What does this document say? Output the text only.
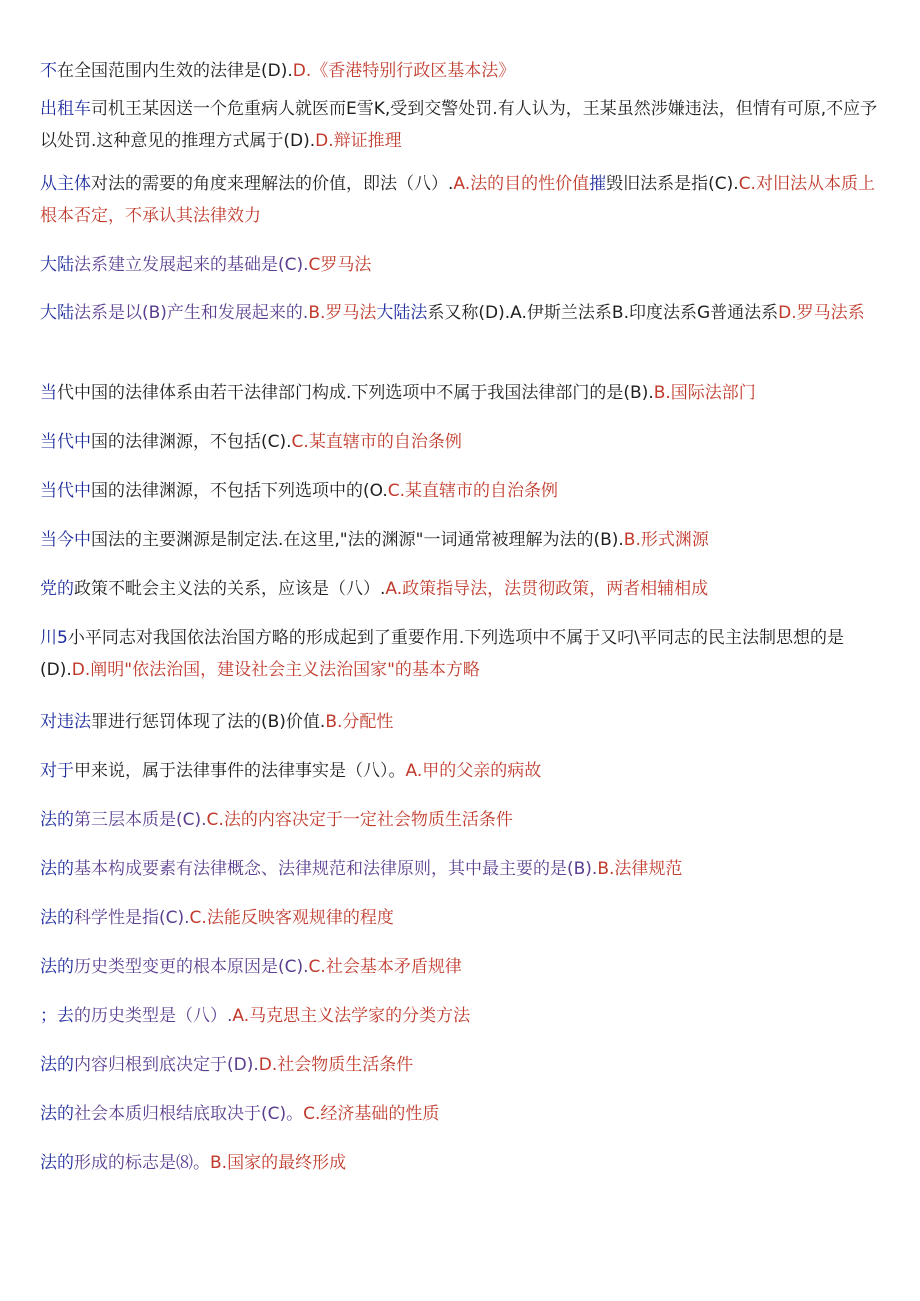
不在全国范围内生效的法律是(D).D.《香港特别行政区基本法》
出租车司机王某因送一个危重病人就医而E雪K,受到交警处罚.有人认为，王某虽然涉嫌违法，但情有可原,不应予以处罚.这种意见的推理方式属于(D).D.辩证推理
从主体对法的需要的角度来理解法的价值，即法（八）.A.法的目的性价值摧毁旧法系是指(C).C.对旧法从本质上根本否定，不承认其法律效力
大陆法系建立发展起来的基础是(C).C罗马法
大陆法系是以(B)产生和发展起来的.B.罗马法大陆法系又称(D).A.伊斯兰法系B.印度法系G普通法系D.罗马法系
当代中国的法律体系由若干法律部门构成.下列选项中不属于我国法律部门的是(B).B.国际法部门
当代中国的法律渊源，不包括(C).C.某直辖市的自治条例
当代中国的法律渊源，不包括下列选项中的(O.C.某直辖市的自治条例
当今中国法的主要渊源是制定法.在这里,"法的渊源"一词通常被理解为法的(B).B.形式渊源
党的政策不毗会主义法的关系，应该是（八）.A.政策指导法，法贯彻政策，两者相辅相成
川5小平同志对我国依法治国方略的形成起到了重要作用.下列选项中不属于又叼\平同志的民主法制思想的是(D).D.阐明"依法治国，建设社会主义法治国家"的基本方略
对违法罪进行惩罚体现了法的(B)价值.B.分配性
对于甲来说，属于法律事件的法律事实是（八）。A.甲的父亲的病故
法的第三层本质是(C).C.法的内容决定于一定社会物质生活条件
法的基本构成要素有法律概念、法律规范和法律原则，其中最主要的是(B).B.法律规范
法的科学性是指(C).C.法能反映客观规律的程度
法的历史类型变更的根本原因是(C).C.社会基本矛盾规律
；去的历史类型是（八）.A.马克思主义法学家的分类方法
法的内容归根到底决定于(D).D.社会物质生活条件
法的社会本质归根结底取决于(C)。C.经济基础的性质
法的形成的标志是⑻。B.国家的最终形成
